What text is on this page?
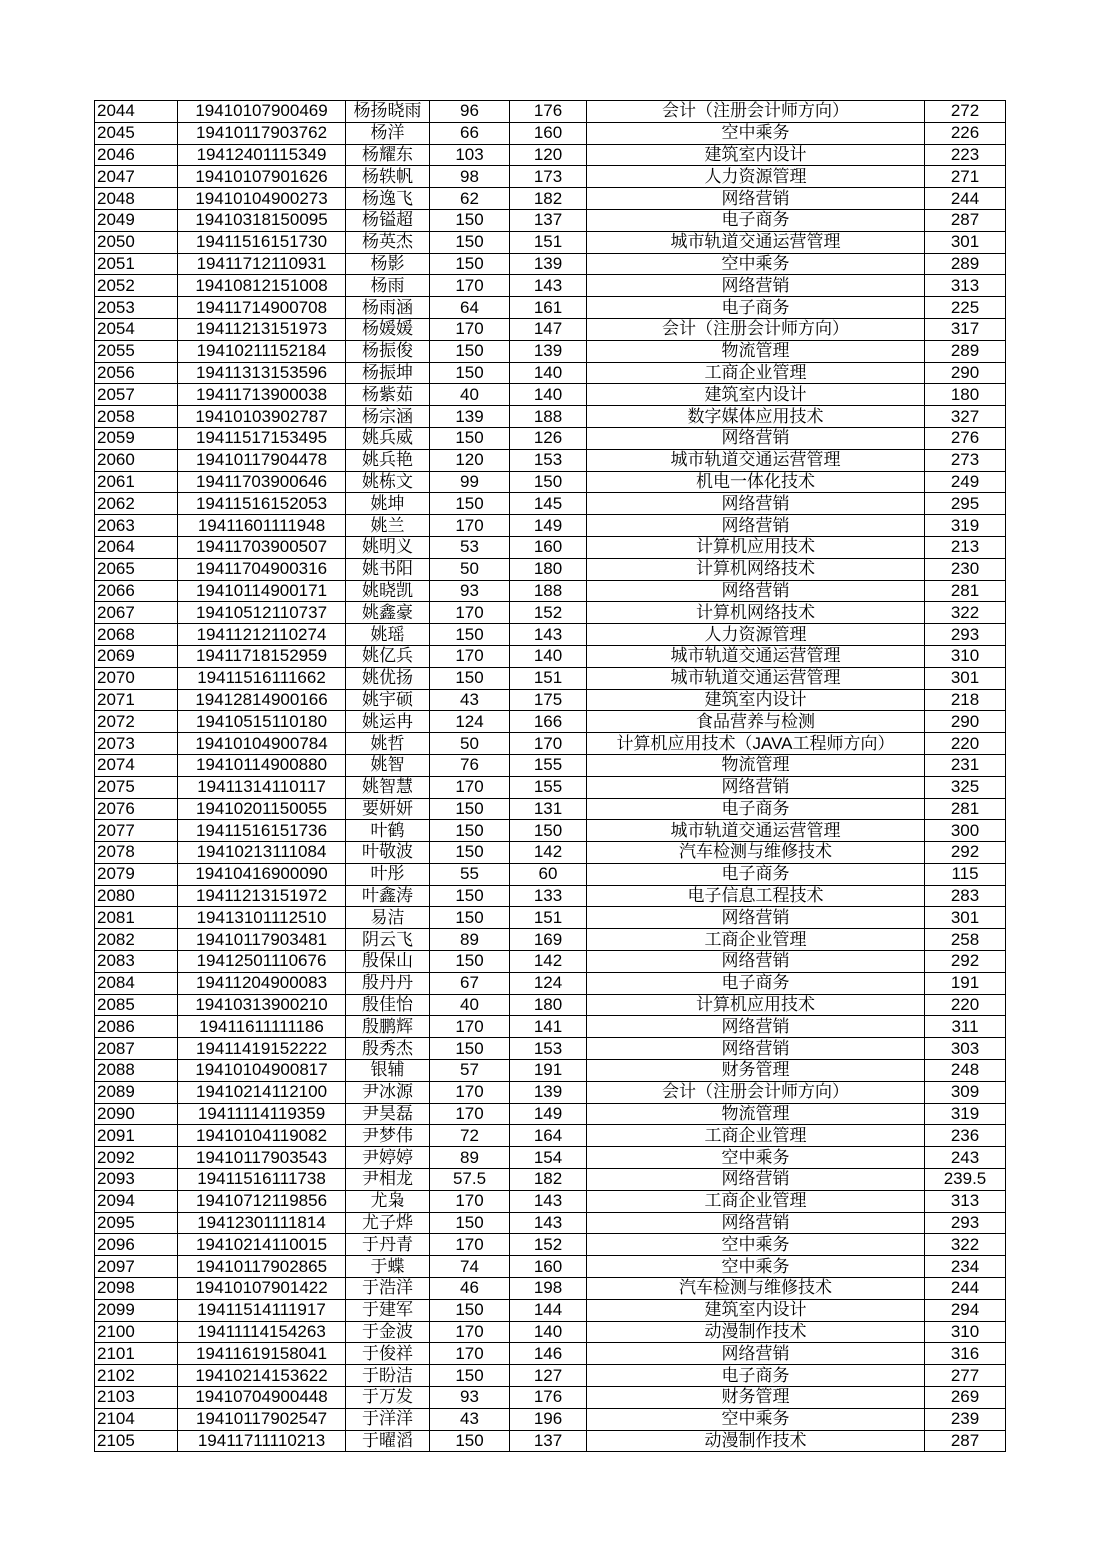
2044	19410107900469	杨扬晓雨	96	176	会计（注册会计师方向）	272
2045	19410117903762	杨洋	66	160	空中乘务	226
2046	19412401115349	杨耀东	103	120	建筑室内设计	223
2047	19410107901626	杨轶帆	98	173	人力资源管理	271
2048	19410104900273	杨逸飞	62	182	网络营销	244
2049	19410318150095	杨镒超	150	137	电子商务	287
2050	19411516151730	杨英杰	150	151	城市轨道交通运营管理	301
2051	19411712110931	杨影	150	139	空中乘务	289
2052	19410812151008	杨雨	170	143	网络营销	313
2053	19411714900708	杨雨涵	64	161	电子商务	225
2054	19411213151973	杨媛媛	170	147	会计（注册会计师方向）	317
2055	19410211152184	杨振俊	150	139	物流管理	289
2056	19411313153596	杨振坤	150	140	工商企业管理	290
2057	19411713900038	杨紫茹	40	140	建筑室内设计	180
2058	19410103902787	杨宗涵	139	188	数字媒体应用技术	327
2059	19411517153495	姚兵威	150	126	网络营销	276
2060	19410117904478	姚兵艳	120	153	城市轨道交通运营管理	273
2061	19411703900646	姚栋文	99	150	机电一体化技术	249
2062	19411516152053	姚坤	150	145	网络营销	295
2063	19411601111948	姚兰	170	149	网络营销	319
2064	19411703900507	姚明义	53	160	计算机应用技术	213
2065	19411704900316	姚书阳	50	180	计算机网络技术	230
2066	19410114900171	姚晓凯	93	188	网络营销	281
2067	19410512110737	姚鑫豪	170	152	计算机网络技术	322
2068	19411212110274	姚瑶	150	143	人力资源管理	293
2069	19411718152959	姚亿兵	170	140	城市轨道交通运营管理	310
2070	19411516111662	姚优扬	150	151	城市轨道交通运营管理	301
2071	19412814900166	姚宇硕	43	175	建筑室内设计	218
2072	19410515110180	姚运冉	124	166	食品营养与检测	290
2073	19410104900784	姚哲	50	170	计算机应用技术（JAVA工程师方向）	220
2074	19410114900880	姚智	76	155	物流管理	231
2075	19411314110117	姚智慧	170	155	网络营销	325
2076	19410201150055	要妍妍	150	131	电子商务	281
2077	19411516151736	叶鹤	150	150	城市轨道交通运营管理	300
2078	19410213111084	叶敬波	150	142	汽车检测与维修技术	292
2079	19410416900090	叶彤	55	60	电子商务	115
2080	19411213151972	叶鑫涛	150	133	电子信息工程技术	283
2081	19413101112510	易洁	150	151	网络营销	301
2082	19410117903481	阴云飞	89	169	工商企业管理	258
2083	19412501110676	殷保山	150	142	网络营销	292
2084	19411204900083	殷丹丹	67	124	电子商务	191
2085	19410313900210	殷佳怡	40	180	计算机应用技术	220
2086	19411611111186	殷鹏辉	170	141	网络营销	311
2087	19411419152222	殷秀杰	150	153	网络营销	303
2088	19410104900817	银辅	57	191	财务管理	248
2089	19410214112100	尹冰源	170	139	会计（注册会计师方向）	309
2090	19411114119359	尹昊磊	170	149	物流管理	319
2091	19410104119082	尹梦伟	72	164	工商企业管理	236
2092	19410117903543	尹婷婷	89	154	空中乘务	243
2093	19411516111738	尹相龙	57.5	182	网络营销	239.5
2094	19410712119856	尤枭	170	143	工商企业管理	313
2095	19412301111814	尤子烨	150	143	网络营销	293
2096	19410214110015	于丹青	170	152	空中乘务	322
2097	19410117902865	于蝶	74	160	空中乘务	234
2098	19410107901422	于浩洋	46	198	汽车检测与维修技术	244
2099	19411514111917	于建军	150	144	建筑室内设计	294
2100	19411114154263	于金波	170	140	动漫制作技术	310
2101	19411619158041	于俊祥	170	146	网络营销	316
2102	19410214153622	于盼洁	150	127	电子商务	277
2103	19410704900448	于万发	93	176	财务管理	269
2104	19410117902547	于洋洋	43	196	空中乘务	239
2105	19411711110213	于曜滔	150	137	动漫制作技术	287
